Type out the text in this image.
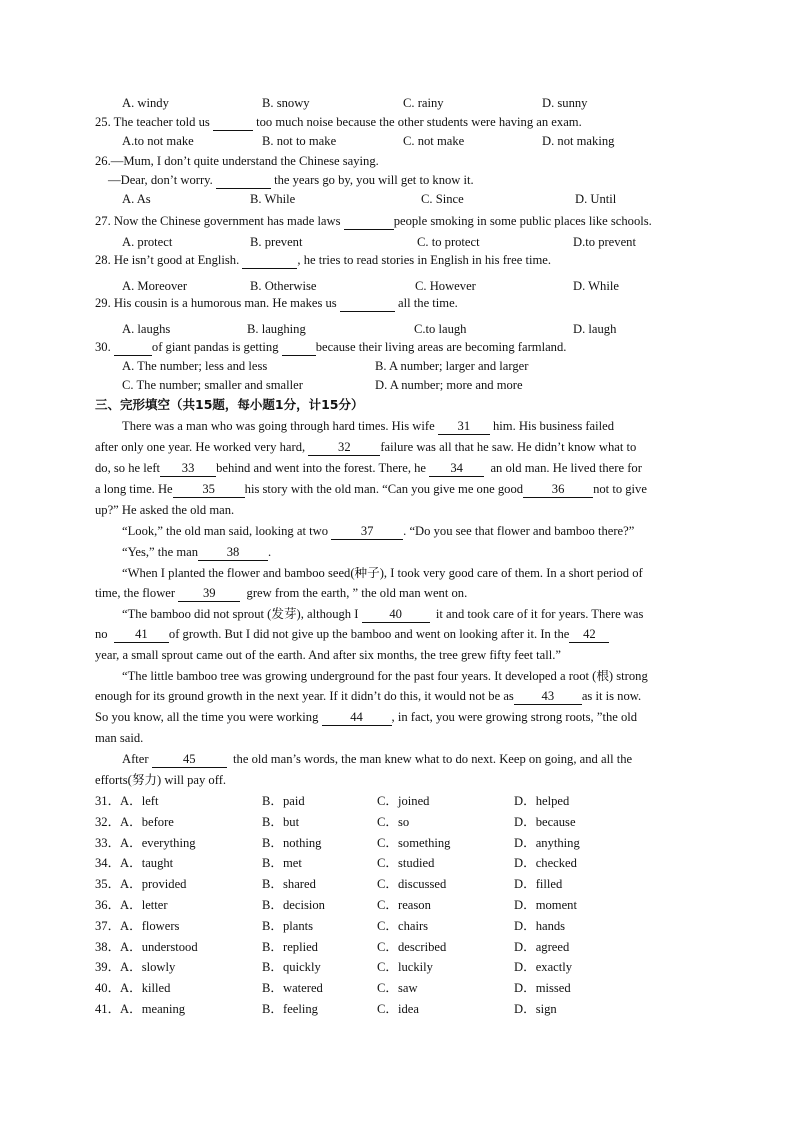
A. windy	B. snowy	C. rainy	D. sunny
25. The teacher told us	too much noise because the other students were having an exam.
A.to not make	B. not to make	C. not make	D. not making
26.—Mum, I don’t quite understand the Chinese saying.
—Dear, don’t worry.	the years go by, you will get to know it.
A. As	B. While	C. Since	D. Until
27. Now the Chinese government has made laws	people smoking in some public places like schools.
A. protect	B. prevent	C. to protect	D.to prevent
28. He isn’t good at English.	, he tries to read stories in English in his free time.
A. Moreover	B. Otherwise	C. However	D. While
29. His cousin is a humorous man. He makes us	all the time.
A. laughs	B. laughing	C.to laugh	D. laugh
30.	of giant pandas is getting	because their living areas are becoming farmland.
A. The number; less and less	B. A number; larger and larger
C. The number; smaller and smaller	D. A number; more and more
三、完形填空（共15题，每小题1分，计15分）
There was a man who was going through hard times. His wife 31 him. His business failed
after only one year. He worked very hard,	32 failure was all that he saw. He didn’t know what to
do, so he left 33 behind and went into the forest. There, he 34 an old man. He lived there for
a long time. He 35 his story with the old man. “Can you give me one good 36 not to give
up?” He asked the old man.
“Look,” the old man said, looking at two	37 . “Do you see that flower and bamboo there?”
“Yes,” the man 38 .
“When I planted the flower and bamboo seed(种子), I took very good care of them. In a short period of
time, the flower 39 grew from the earth, ” the old man went on.
“The bamboo did not sprout (发芽), although I 40	it and took care of it for years. There was
no 41 of growth. But I did not give up the bamboo and went on looking after it. In the 42
year, a small sprout came out of the earth. And after six months, the tree grew fifty feet tall.”
“The little bamboo tree was growing underground for the past four years. It developed a root (根) strong
enough for its ground growth in the next year. If it didn’t do this, it would not be as 43 as it is now.
So you know, all the time you were working	44 , in fact, you were growing strong roots, ”the old
man said.
After	45	the old man’s words, the man knew what to do next. Keep on going, and all the
efforts(努力) will pay off.
31． A．left	B．paid	C．joined	D．helped
32． A．before	B．but	C．so	D．because
33． A．everything	B．nothing	C．something	D．anything
34． A．taught	B．met	C．studied	D．checked
35． A．provided	B．shared	C．discussed	D．filled
36． A．letter	B．decision	C．reason	D．moment
37． A．flowers	B．plants	C．chairs	D．hands
38． A．understood	B．replied	C．described	D．agreed
39． A．slowly	B．quickly	C．luckily	D．exactly
40． A．killed	B．watered	C．saw	D．missed
41． A．meaning	B．feeling	C．idea	D．sign
